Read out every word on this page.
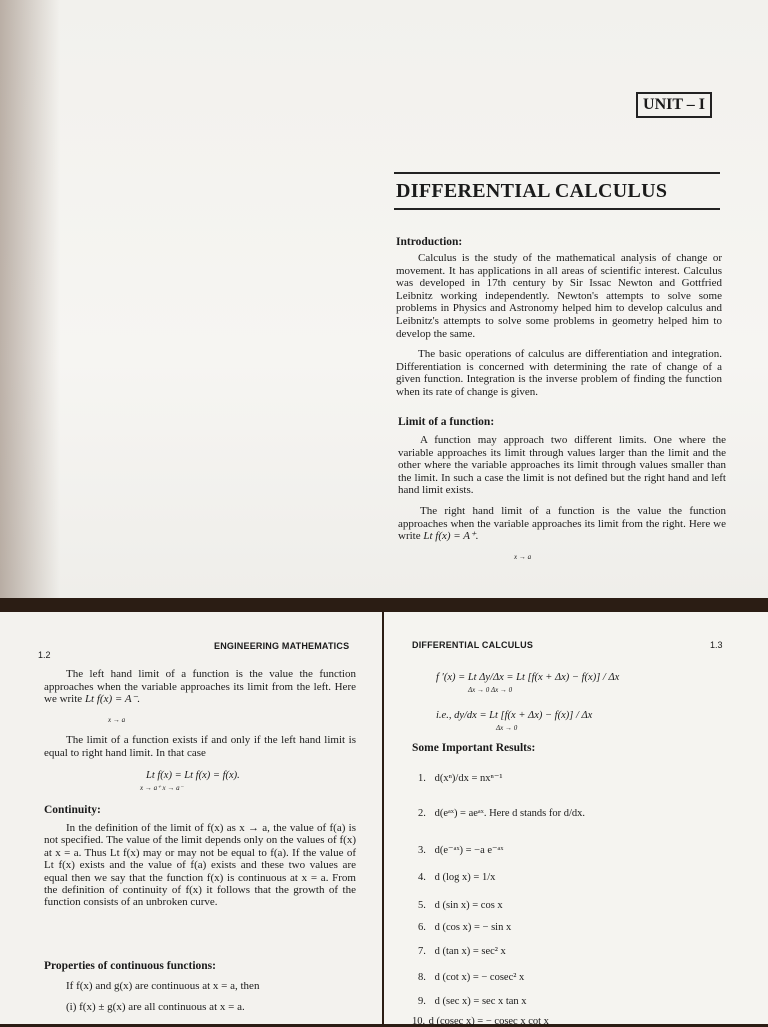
UNIT – I
DIFFERENTIAL CALCULUS
Introduction:

Calculus is the study of the mathematical analysis of change or movement. It has applications in all areas of scientific interest. Calculus was developed in 17th century by Sir Issac Newton and Gottfried Leibnitz working independently. Newton's attempts to solve some problems in Physics and Astronomy helped him to develop calculus and Leibnitz's attempts to solve some problems in geometry helped him to develop the same.

The basic operations of calculus are differentiation and integration. Differentiation is concerned with determining the rate of change of a given function. Integration is the inverse problem of finding the function when its rate of change is given.

Limit of a function:

A function may approach two different limits. One where the variable approaches its limit through values larger than the limit and the other where the variable approaches its limit through values smaller than the limit. In such a case the limit is not defined but the right hand and left hand limit exists.

The right hand limit of a function is the value the function approaches when the variable approaches its limit from the right. Here we write Lt f(x) = A⁺.

x → a
1.2
ENGINEERING MATHEMATICS

The left hand limit of a function is the value the function approaches when the variable approaches its limit from the left. Here we write Lt f(x) = A⁻.

x → a

The limit of a function exists if and only if the left hand limit is equal to right hand limit. In that case

Lt f(x) = Lt f(x) = f(x).
x → a⁺ x → a⁻
Continuity:

In the definition of the limit of f(x) as x → a, the value of f(a) is not specified. The value of the limit depends only on the values of f(x) at x = a. Thus Lt f(x) may or may not be equal to f(a). If the value of Lt f(x) exists and the value of f(a) exists and these two values are equal then we say that the function f(x) is continuous at x = a. From the definition of continuity of f(x) it follows that the growth of the function consists of an unbroken curve.

Properties of continuous functions:

If f(x) and g(x) are continuous at x = a, then

(i) f(x) ± g(x) are all continuous at x = a.
DIFFERENTIAL CALCULUS	1.3
f ′(x) = Lt Δy/Δx = Lt [f(x + Δx) − f(x)] / Δx
Δx → 0 Δx → 0
i.e., dy/dx = Lt [f(x + Δx) − f(x)] / Δx
Δx → 0
Some Important Results:
1. d(xⁿ)/dx = nxⁿ⁻¹
2. d(eᵃˣ) = aeᵃˣ. Here d stands for d/dx.
3. d(e⁻ᵃˣ) = −a e⁻ᵃˣ
4. d (log x) = 1/x
5. d (sin x) = cos x
6. d (cos x) = − sin x
7. d (tan x) = sec² x
8. d (cot x) = − cosec² x
9. d (sec x) = sec x tan x
10. d (cosec x) = − cosec x cot x
